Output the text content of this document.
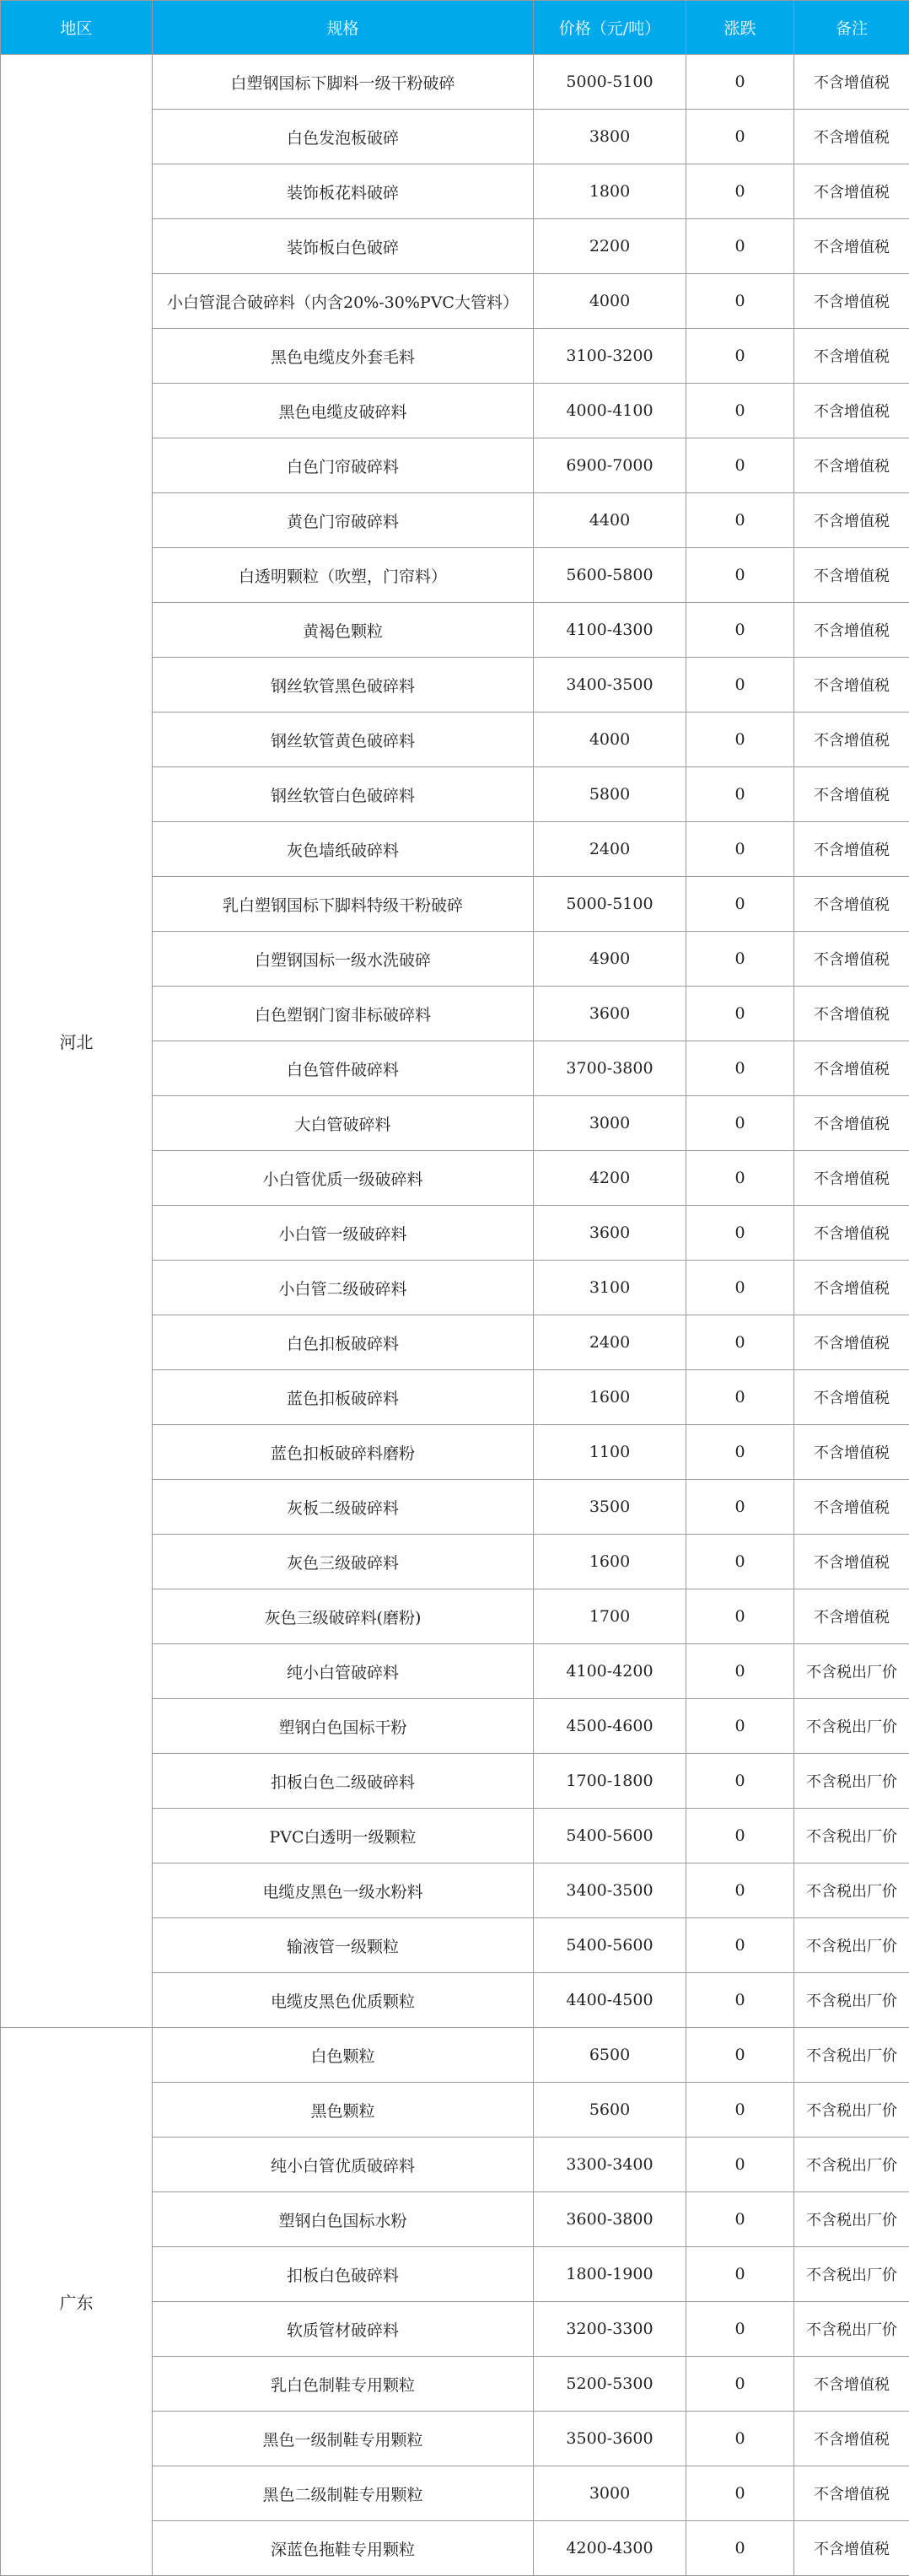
地区	规格	价格（元/吨）	涨跌	备注
河北	白塑钢国标下脚料一级干粉破碎	5000-5100	0	不含增值税
	白色发泡板破碎	3800	0	不含增值税
	装饰板花料破碎	1800	0	不含增值税
	装饰板白色破碎	2200	0	不含增值税
	小白管混合破碎料（内含20%-30%PVC大管料）	4000	0	不含增值税
	黑色电缆皮外套毛料	3100-3200	0	不含增值税
	黑色电缆皮破碎料	4000-4100	0	不含增值税
	白色门帘破碎料	6900-7000	0	不含增值税
	黄色门帘破碎料	4400	0	不含增值税
	白透明颗粒（吹塑，门帘料）	5600-5800	0	不含增值税
	黄褐色颗粒	4100-4300	0	不含增值税
	钢丝软管黑色破碎料	3400-3500	0	不含增值税
	钢丝软管黄色破碎料	4000	0	不含增值税
	钢丝软管白色破碎料	5800	0	不含增值税
	灰色墙纸破碎料	2400	0	不含增值税
	乳白塑钢国标下脚料特级干粉破碎	5000-5100	0	不含增值税
	白塑钢国标一级水洗破碎	4900	0	不含增值税
	白色塑钢门窗非标破碎料	3600	0	不含增值税
	白色管件破碎料	3700-3800	0	不含增值税
	大白管破碎料	3000	0	不含增值税
	小白管优质一级破碎料	4200	0	不含增值税
	小白管一级破碎料	3600	0	不含增值税
	小白管二级破碎料	3100	0	不含增值税
	白色扣板破碎料	2400	0	不含增值税
	蓝色扣板破碎料	1600	0	不含增值税
	蓝色扣板破碎料磨粉	1100	0	不含增值税
	灰板二级破碎料	3500	0	不含增值税
	灰色三级破碎料	1600	0	不含增值税
	灰色三级破碎料(磨粉)	1700	0	不含增值税
	纯小白管破碎料	4100-4200	0	不含税出厂价
	塑钢白色国标干粉	4500-4600	0	不含税出厂价
	扣板白色二级破碎料	1700-1800	0	不含税出厂价
	PVC白透明一级颗粒	5400-5600	0	不含税出厂价
	电缆皮黑色一级水粉料	3400-3500	0	不含税出厂价
	输液管一级颗粒	5400-5600	0	不含税出厂价
	电缆皮黑色优质颗粒	4400-4500	0	不含税出厂价
广东	白色颗粒	6500	0	不含税出厂价
	黑色颗粒	5600	0	不含税出厂价
	纯小白管优质破碎料	3300-3400	0	不含税出厂价
	塑钢白色国标水粉	3600-3800	0	不含税出厂价
	扣板白色破碎料	1800-1900	0	不含税出厂价
	软质管材破碎料	3200-3300	0	不含税出厂价
	乳白色制鞋专用颗粒	5200-5300	0	不含增值税
	黑色一级制鞋专用颗粒	3500-3600	0	不含增值税
	黑色二级制鞋专用颗粒	3000	0	不含增值税
	深蓝色拖鞋专用颗粒	4200-4300	0	不含增值税
